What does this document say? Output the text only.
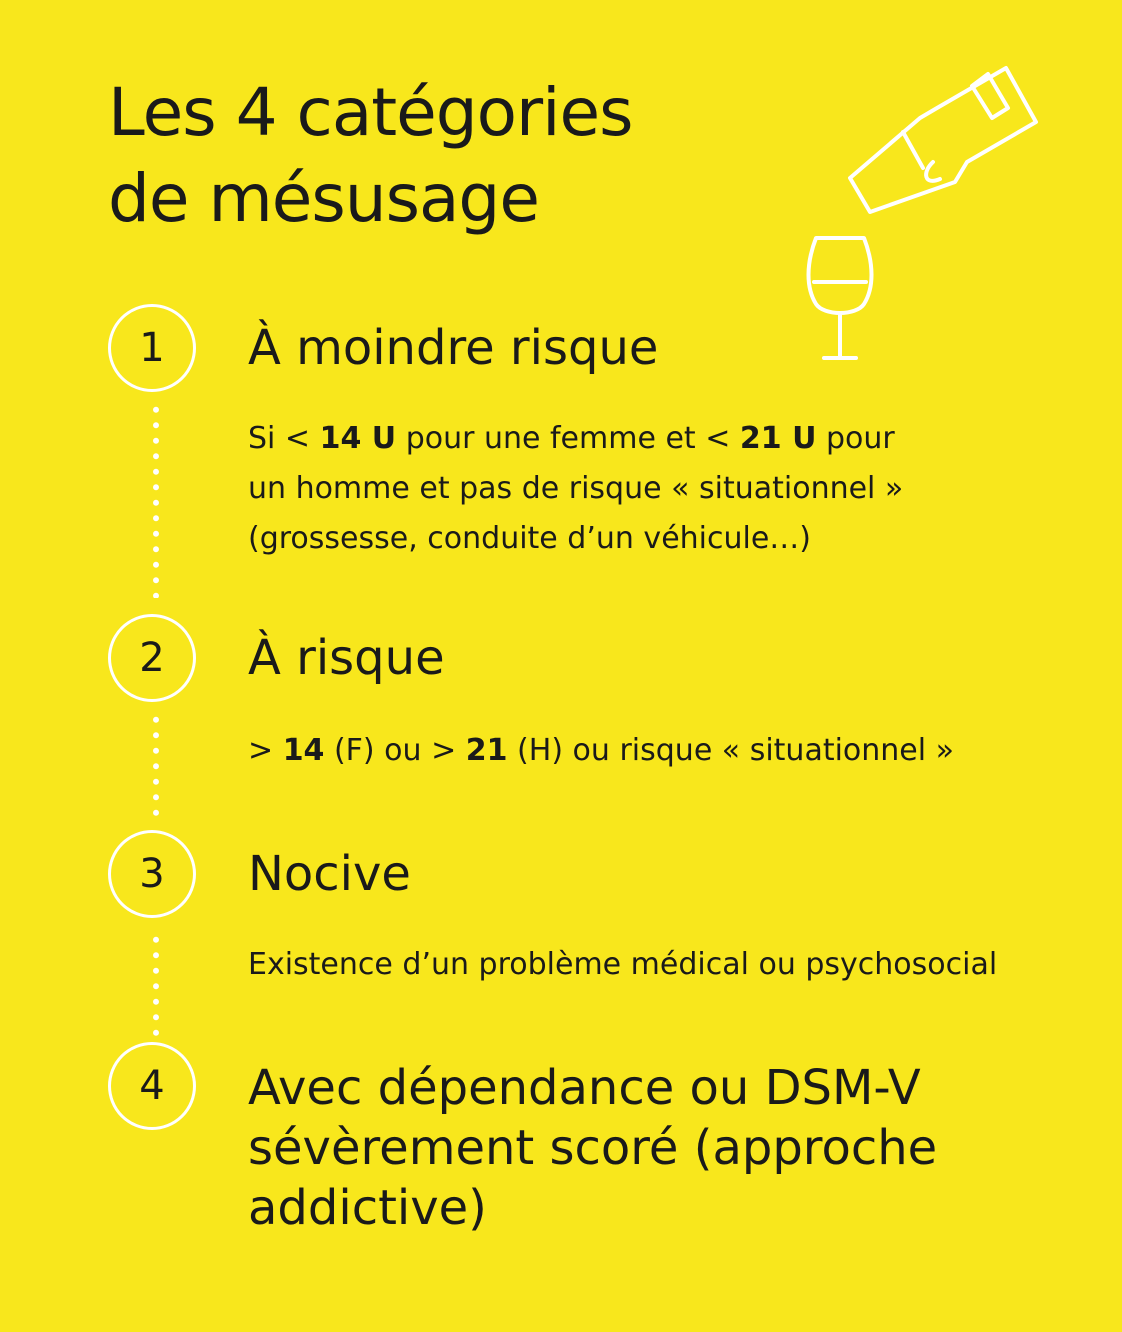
Les 4 catégories
de mésusage
1	À moindre risque
Si < 14 U pour une femme et < 21 U pour
un homme et pas de risque « situationnel »
(grossesse, conduite d’un véhicule…)
2	À risque
> 14 (F) ou > 21 (H) ou risque « situationnel »
3	Nocive
Existence d’un problème médical ou psychosocial
4	Avec dépendance ou DSM-V
sévèrement scoré (approche
addictive)
